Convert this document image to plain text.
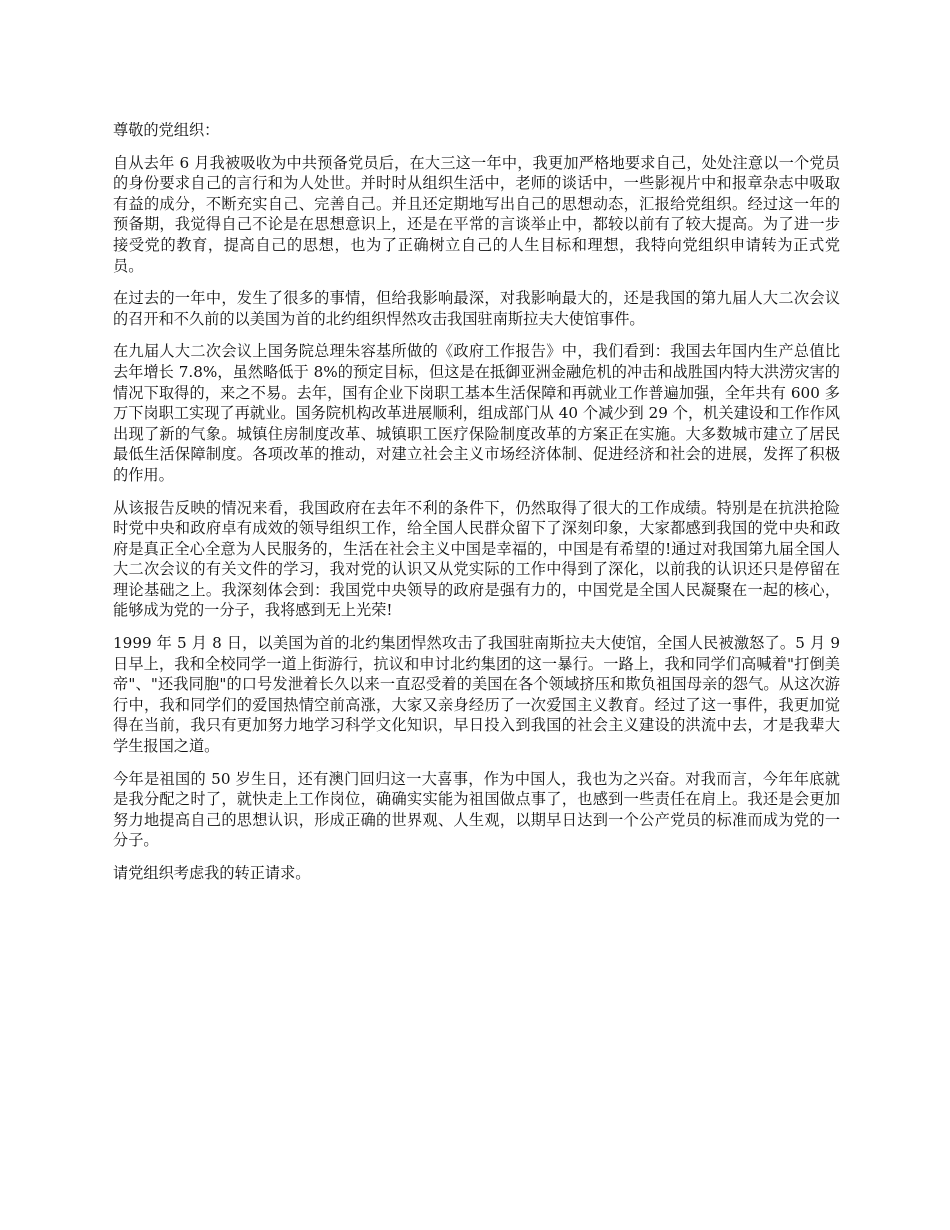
尊敬的党组织：

自从去年 6 月我被吸收为中共预备党员后，在大三这一年中，我更加严格地要求自己，处处注意以一个党员的身份要求自己的言行和为人处世。并时时从组织生活中，老师的谈话中，一些影视片中和报章杂志中吸取有益的成分，不断充实自己、完善自己。并且还定期地写出自己的思想动态，汇报给党组织。经过这一年的预备期，我觉得自己不论是在思想意识上，还是在平常的言谈举止中，都较以前有了较大提高。为了进一步接受党的教育，提高自己的思想，也为了正确树立自己的人生目标和理想，我特向党组织申请转为正式党员。

在过去的一年中，发生了很多的事情，但给我影响最深，对我影响最大的，还是我国的第九届人大二次会议的召开和不久前的以美国为首的北约组织悍然攻击我国驻南斯拉夫大使馆事件。

在九届人大二次会议上国务院总理朱容基所做的《政府工作报告》中，我们看到：我国去年国内生产总值比去年增长 7.8%，虽然略低于 8%的预定目标，但这是在抵御亚洲金融危机的冲击和战胜国内特大洪涝灾害的情况下取得的，来之不易。去年，国有企业下岗职工基本生活保障和再就业工作普遍加强，全年共有 600 多万下岗职工实现了再就业。国务院机构改革进展顺利，组成部门从 40 个减少到 29 个，机关建设和工作作风出现了新的气象。城镇住房制度改革、城镇职工医疗保险制度改革的方案正在实施。大多数城市建立了居民最低生活保障制度。各项改革的推动，对建立社会主义市场经济体制、促进经济和社会的进展，发挥了积极的作用。

从该报告反映的情况来看，我国政府在去年不利的条件下，仍然取得了很大的工作成绩。特别是在抗洪抢险时党中央和政府卓有成效的领导组织工作，给全国人民群众留下了深刻印象，大家都感到我国的党中央和政府是真正全心全意为人民服务的，生活在社会主义中国是幸福的，中国是有希望的!通过对我国第九届全国人大二次会议的有关文件的学习，我对党的认识又从党实际的工作中得到了深化，以前我的认识还只是停留在理论基础之上。我深刻体会到：我国党中央领导的政府是强有力的，中国党是全国人民凝聚在一起的核心，能够成为党的一分子，我将感到无上光荣!

1999 年 5 月 8 日，以美国为首的北约集团悍然攻击了我国驻南斯拉夫大使馆，全国人民被激怒了。5 月 9 日早上，我和全校同学一道上街游行，抗议和申讨北约集团的这一暴行。一路上，我和同学们高喊着"打倒美帝"、"还我同胞"的口号发泄着长久以来一直忍受着的美国在各个领域挤压和欺负祖国母亲的怨气。从这次游行中，我和同学们的爱国热情空前高涨，大家又亲身经历了一次爱国主义教育。经过了这一事件，我更加觉得在当前，我只有更加努力地学习科学文化知识，早日投入到我国的社会主义建设的洪流中去，才是我辈大学生报国之道。

今年是祖国的 50 岁生日，还有澳门回归这一大喜事，作为中国人，我也为之兴奋。对我而言，今年年底就是我分配之时了，就快走上工作岗位，确确实实能为祖国做点事了，也感到一些责任在肩上。我还是会更加努力地提高自己的思想认识，形成正确的世界观、人生观，以期早日达到一个公产党员的标准而成为党的一分子。

请党组织考虑我的转正请求。
